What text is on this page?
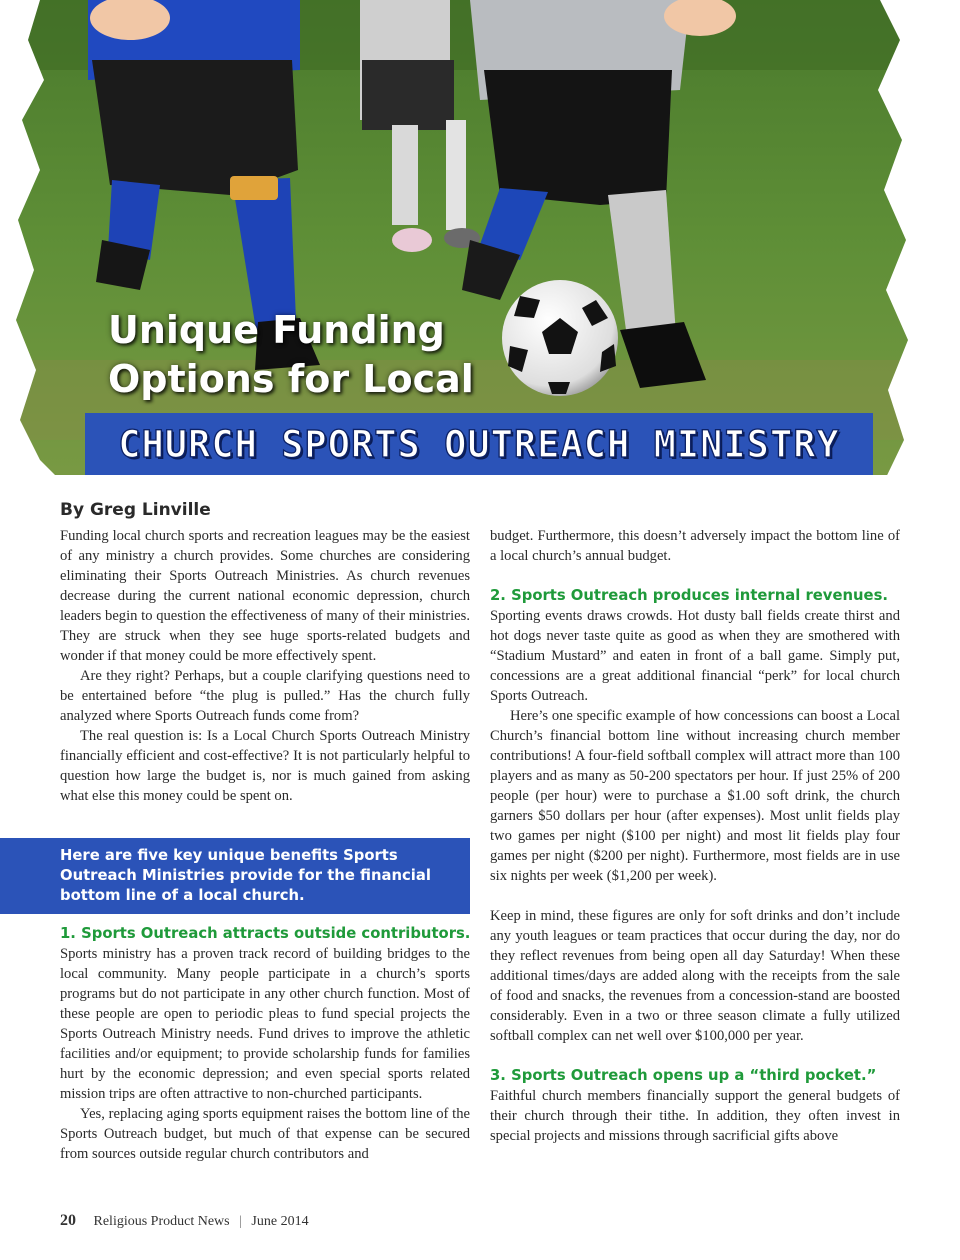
Unique Funding
Options for Local
CHURCH SPORTS OUTREACH MINISTRY

By Greg Linville

Funding local church sports and recreation leagues may be the easiest of any ministry a church provides. Some churches are considering eliminating their Sports Outreach Ministries. As church revenues decrease during the current national economic depression, church leaders begin to question the effectiveness of many of their ministries. They are struck when they see huge sports-related budgets and wonder if that money could be more effectively spent.

Are they right? Perhaps, but a couple clarifying questions need to be entertained before “the plug is pulled.” Has the church fully analyzed where Sports Outreach funds come from?

The real question is: Is a Local Church Sports Outreach Ministry financially efficient and cost-effective? It is not particularly helpful to question how large the budget is, nor is much gained from asking what else this money could be spent on.

Here are five key unique benefits Sports Outreach Ministries provide for the financial bottom line of a local church.

1. Sports Outreach attracts outside contributors.

Sports ministry has a proven track record of building bridges to the local community. Many people participate in a church’s sports programs but do not participate in any other church function. Most of these people are open to periodic pleas to fund special projects the Sports Outreach Ministry needs. Fund drives to improve the athletic facilities and/or equipment; to provide scholarship funds for families hurt by the economic depression; and even special sports related mission trips are often attractive to non-churched participants.

Yes, replacing aging sports equipment raises the bottom line of the Sports Outreach budget, but much of that expense can be secured from sources outside regular church contributors and

budget. Furthermore, this doesn’t adversely impact the bottom line of a local church’s annual budget.

2. Sports Outreach produces internal revenues.

Sporting events draws crowds. Hot dusty ball fields create thirst and hot dogs never taste quite as good as when they are smothered with “Stadium Mustard” and eaten in front of a ball game. Simply put, concessions are a great additional financial “perk” for local church Sports Outreach.

Here’s one specific example of how concessions can boost a Local Church’s financial bottom line without increasing church member contributions! A four-field softball complex will attract more than 100 players and as many as 50-200 spectators per hour. If just 25% of 200 people (per hour) were to purchase a $1.00 soft drink, the church garners $50 dollars per hour (after expenses). Most unlit fields play two games per night ($100 per night) and most lit fields play four games per night ($200 per night). Furthermore, most fields are in use six nights per week ($1,200 per week).

Keep in mind, these figures are only for soft drinks and don’t include any youth leagues or team practices that occur during the day, nor do they reflect revenues from being open all day Saturday! When these additional times/days are added along with the receipts from the sale of food and snacks, the revenues from a concession-stand are boosted considerably. Even in a two or three season climate a fully utilized softball complex can net well over $100,000 per year.

3. Sports Outreach opens up a “third pocket.”

Faithful church members financially support the general budgets of their church through their tithe. In addition, they often invest in special projects and missions through sacrificial gifts above

20 Religious Product News | June 2014
